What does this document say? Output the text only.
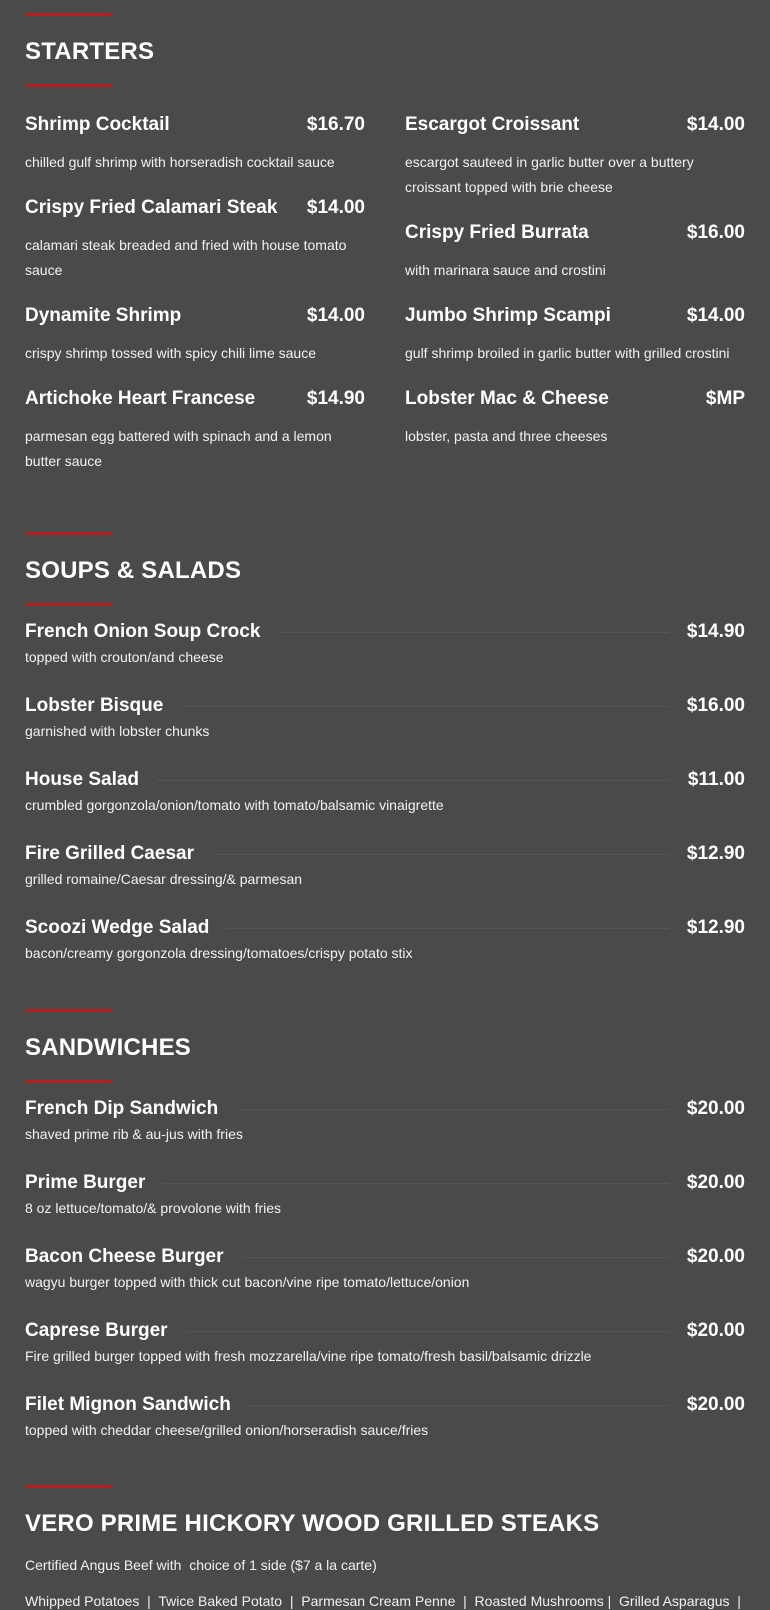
STARTERS
Shrimp Cocktail	$16.70
chilled gulf shrimp with horseradish cocktail sauce
Crispy Fried Calamari Steak $14.00
calamari steak breaded and fried with house tomato sauce
Dynamite Shrimp	$14.00
crispy shrimp tossed with spicy chili lime sauce
Artichoke Heart Francese	$14.90
parmesan egg battered with spinach and a lemon butter sauce
Escargot Croissant	$14.00
escargot sauteed in garlic butter over a buttery croissant topped with brie cheese
Crispy Fried Burrata	$16.00
with marinara sauce and crostini
Jumbo Shrimp Scampi	$14.00
gulf shrimp broiled in garlic butter with grilled crostini
Lobster Mac & Cheese	$MP
lobster, pasta and three cheeses
SOUPS & SALADS
French Onion Soup Crock	$14.90
topped with crouton/and cheese
Lobster Bisque	$16.00
garnished with lobster chunks
House Salad	$11.00
crumbled gorgonzola/onion/tomato with tomato/balsamic vinaigrette
Fire Grilled Caesar	$12.90
grilled romaine/Caesar dressing/& parmesan
Scoozi Wedge Salad	$12.90
bacon/creamy gorgonzola dressing/tomatoes/crispy potato stix
SANDWICHES
French Dip Sandwich	$20.00
shaved prime rib & au-jus with fries
Prime Burger	$20.00
8 oz lettuce/tomato/& provolone with fries
Bacon Cheese Burger	$20.00
wagyu burger topped with thick cut bacon/vine ripe tomato/lettuce/onion
Caprese Burger	$20.00
Fire grilled burger topped with fresh mozzarella/vine ripe tomato/fresh basil/balsamic drizzle
Filet Mignon Sandwich	$20.00
topped with cheddar cheese/grilled onion/horseradish sauce/fries
VERO PRIME HICKORY WOOD GRILLED STEAKS
Certified Angus Beef with  choice of 1 side ($7 a la carte)
Whipped Potatoes  |  Twice Baked Potato  |  Parmesan Cream Penne  |  Roasted Mushrooms |  Grilled Asparagus  |
